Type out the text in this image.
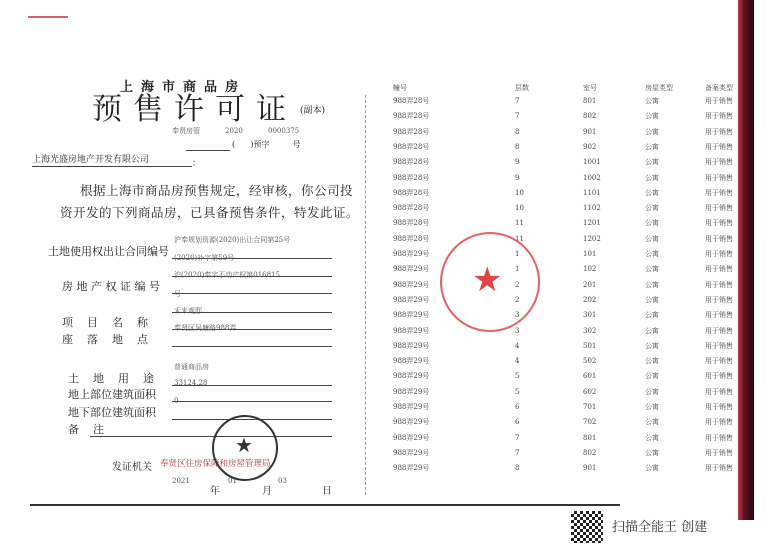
上海市商品房
预售许可证 (副本)
奉贤房管	2020	0000375
(      )预字         号
上海光盛房地产开发有限公司	：
根据上海市商品房预售规定，经审核，你公司投
资开发的下列商品房，已具备预售条件，特发此证。
土地使用权出让合同编号
沪奉规划资源(2020)出让合同第25号
(2020)补字第59号
房 地 产 权 证 编 号
沪(2020)奉字不动产权第016815
号
项    目    名    称
禾米观邸
座    落    地    点
奉贤区吴塘路988弄
土    地    用    途
普通商品房
地上部位建筑面积
33124.28
地下部位建筑面积
0
备    注
发证机关 奉贤区住房保障和房屋管理局
2021
年
01
月
03
日
★
幢号	层数	室号	房屋类型	备案类型
988弄28号	7	801	公寓	用于销售
988弄28号	7	802	公寓	用于销售
988弄28号	8	901	公寓	用于销售
988弄28号	8	902	公寓	用于销售
988弄28号	9	1001	公寓	用于销售
988弄28号	9	1002	公寓	用于销售
988弄28号	10	1101	公寓	用于销售
988弄28号	10	1102	公寓	用于销售
988弄28号	11	1201	公寓	用于销售
988弄28号	11	1202	公寓	用于销售
988弄29号	1	101	公寓	用于销售
988弄29号	1	102	公寓	用于销售
988弄29号	2	201	公寓	用于销售
988弄29号	2	202	公寓	用于销售
988弄29号	3	301	公寓	用于销售
988弄29号	3	302	公寓	用于销售
988弄29号	4	501	公寓	用于销售
988弄29号	4	502	公寓	用于销售
988弄29号	5	601	公寓	用于销售
988弄29号	5	602	公寓	用于销售
988弄29号	6	701	公寓	用于销售
988弄29号	6	702	公寓	用于销售
988弄29号	7	801	公寓	用于销售
988弄29号	7	802	公寓	用于销售
988弄29号	8	901	公寓	用于销售
★
扫描全能王 创建
